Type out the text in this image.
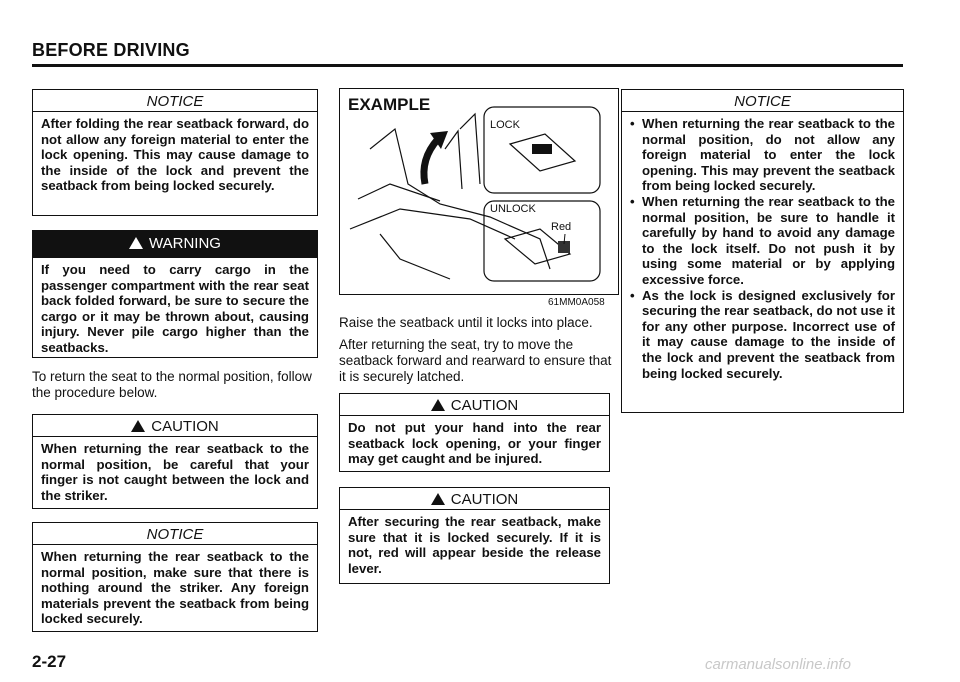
BEFORE DRIVING
NOTICE
After folding the rear seatback forward, do not allow any foreign material to enter the lock opening. This may cause damage to the inside of the lock and prevent the seatback from being locked securely.
WARNING
If you need to carry cargo in the passenger compartment with the rear seat back folded forward, be sure to secure the cargo or it may be thrown about, causing injury. Never pile cargo higher than the seatbacks.
To return the seat to the normal position, follow the procedure below.
CAUTION
When returning the rear seatback to the normal position, be careful that your finger is not caught between the lock and the striker.
NOTICE
When returning the rear seatback to the normal position, make sure that there is nothing around the striker. Any foreign materials prevent the seatback from being locked securely.
EXAMPLE
LOCK
UNLOCK
Red
61MM0A058
Raise the seatback until it locks into place.
After returning the seat, try to move the seatback forward and rearward to ensure that it is securely latched.
CAUTION
Do not put your hand into the rear seatback lock opening, or your finger may get caught and be injured.
CAUTION
After securing the rear seatback, make sure that it is locked securely. If it is not, red will appear beside the release lever.
NOTICE
• When returning the rear seatback to the normal position, do not allow any foreign material to enter the lock opening. This may prevent the seatback from being locked securely.
• When returning the rear seatback to the normal position, be sure to handle it carefully by hand to avoid any damage to the lock itself. Do not push it by using some material or by applying excessive force.
• As the lock is designed exclusively for securing the rear seatback, do not use it for any other purpose. Incorrect use of it may cause damage to the inside of the lock and prevent the seatback from being locked securely.
2-27	carmanualsonline.info
